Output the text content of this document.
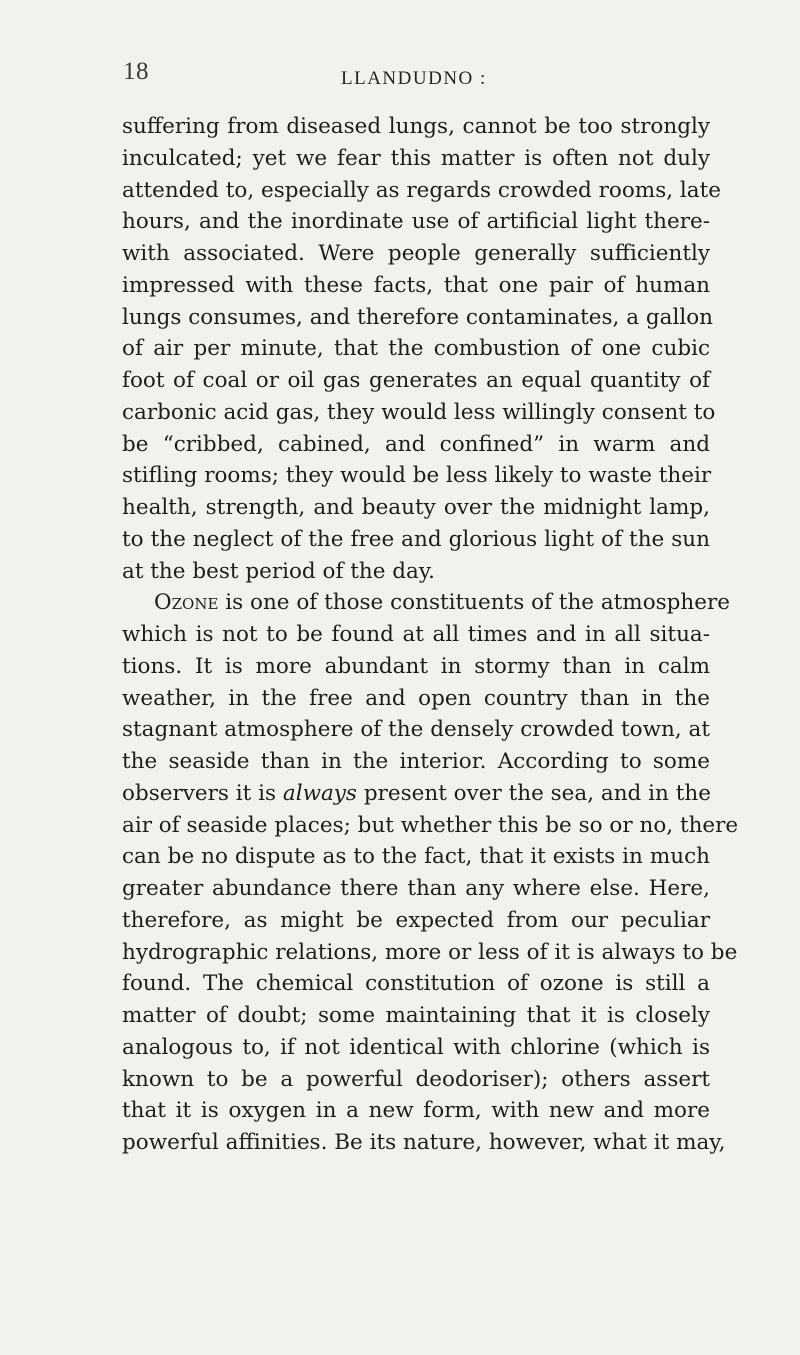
18	LLANDUDNO :
suffering from diseased lungs, cannot be too strongly
inculcated; yet we fear this matter is often not duly
attended to, especially as regards crowded rooms, late
hours, and the inordinate use of artificial light there-
with associated. Were people generally sufficiently
impressed with these facts, that one pair of human
lungs consumes, and therefore contaminates, a gallon
of air per minute, that the combustion of one cubic
foot of coal or oil gas generates an equal quantity of
carbonic acid gas, they would less willingly consent to
be “cribbed, cabined, and confined” in warm and
stifling rooms; they would be less likely to waste their
health, strength, and beauty over the midnight lamp,
to the neglect of the free and glorious light of the sun
at the best period of the day.
Ozone is one of those constituents of the atmosphere
which is not to be found at all times and in all situa-
tions. It is more abundant in stormy than in calm
weather, in the free and open country than in the
stagnant atmosphere of the densely crowded town, at
the seaside than in the interior. According to some
observers it is always present over the sea, and in the
air of seaside places; but whether this be so or no, there
can be no dispute as to the fact, that it exists in much
greater abundance there than any where else. Here,
therefore, as might be expected from our peculiar
hydrographic relations, more or less of it is always to be
found. The chemical constitution of ozone is still a
matter of doubt; some maintaining that it is closely
analogous to, if not identical with chlorine (which is
known to be a powerful deodoriser); others assert
that it is oxygen in a new form, with new and more
powerful affinities. Be its nature, however, what it may,
